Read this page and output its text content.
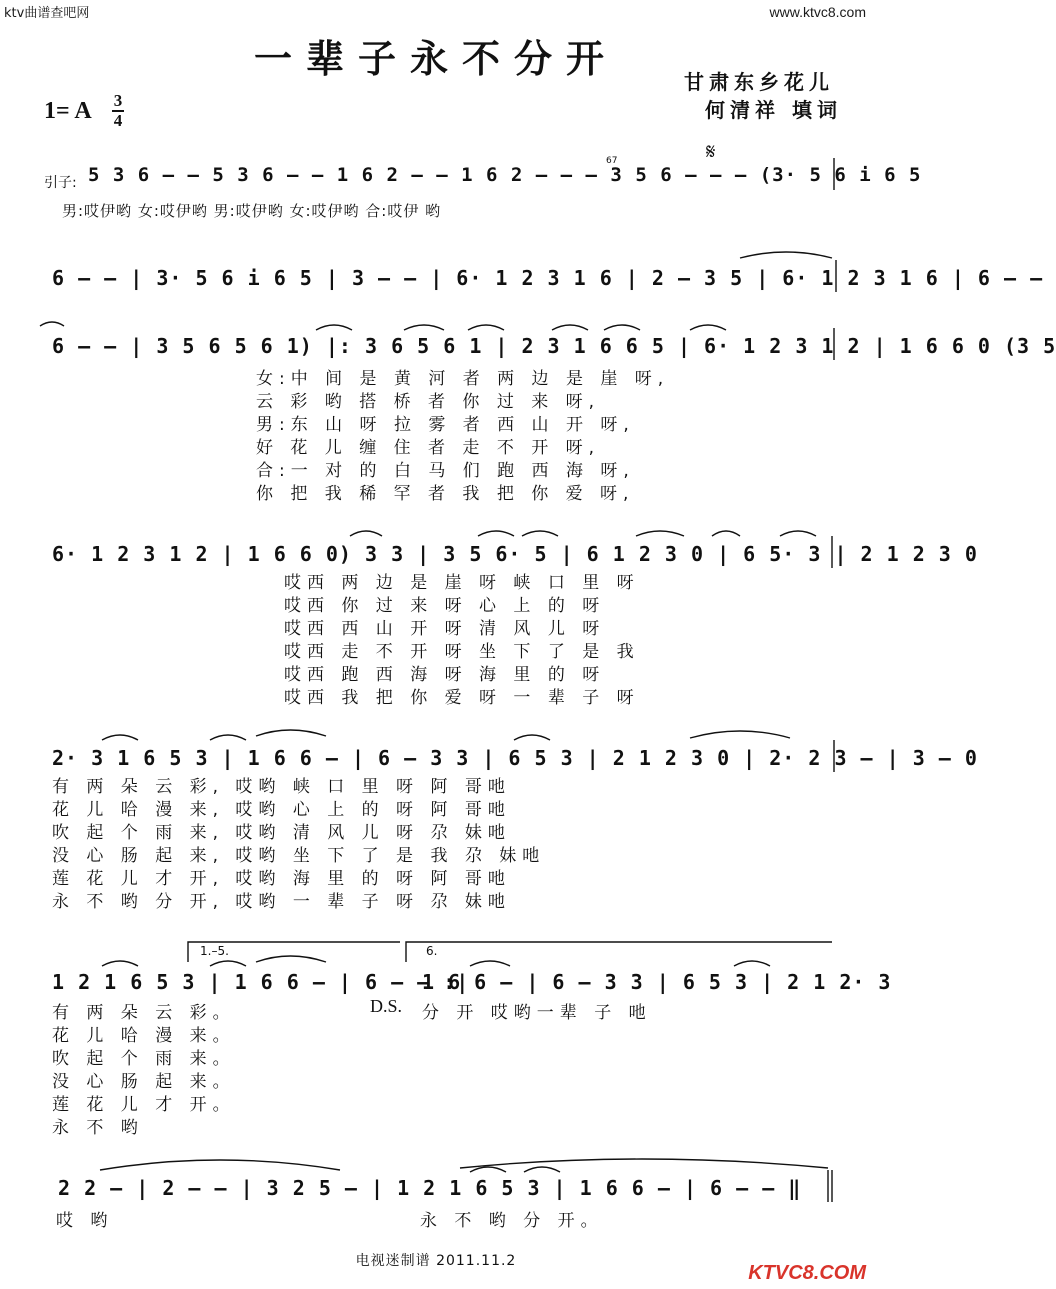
ktv曲谱查吧网	www.ktvc8.com
一辈子永不分开
甘肃东乡花儿
何清祥 填词
1= A 3
4
引子:
𝄋
67
5 3 6 – – 5 3 6 – – 1 6 2 – – 1 6 2 – – – 3 5 6 – – – (3· 5 6 i 6 5
男:哎伊哟 女:哎伊哟 男:哎伊哟 女:哎伊哟 合:哎伊 哟
6 – – | 3· 5 6 i 6 5 | 3 – – | 6· 1 2 3 1 6 | 2 – 3 5 | 6· 1 2 3 1 6 | 6 – –
6 – – | 3 5 6 5 6 1) |: 3 6 5 6 1 | 2 3 1 6 6 5 | 6· 1 2 3 1 2 | 1 6 6 0 (3 5
女:中 间 是 黄 河 者 两 边 是 崖 呀,
云 彩 哟 搭 桥 者 你 过 来 呀,
男:东 山 呀 拉 雾 者 西 山 开 呀,
好 花 儿 缠 住 者 走 不 开 呀,
合:一 对 的 白 马 们 跑 西 海 呀,
你 把 我 稀 罕 者 我 把 你 爱 呀,
6· 1 2 3 1 2 | 1 6 6 0) 3 3 | 3 5 6· 5 | 6 1 2 3 0 | 6 5· 3 | 2 1 2 3 0
哎西 两 边 是 崖 呀 峡 口 里 呀
哎西 你 过 来 呀 心 上 的 呀
哎西 西 山 开 呀 清 风 儿 呀
哎西 走 不 开 呀 坐 下 了 是 我
哎西 跑 西 海 呀 海 里 的 呀
哎西 我 把 你 爱 呀 一 辈 子 呀
2· 3 1 6 5 3 | 1 6 6 – | 6 – 3 3 | 6 5 3 | 2 1 2 3 0 | 2· 2 3 – | 3 – 0
有 两 朵 云 彩, 哎哟 峡 口 里 呀 阿 哥吔
花 儿 哈 漫 来, 哎哟 心 上 的 呀 阿 哥吔
吹 起 个 雨 来, 哎哟 清 风 儿 呀 尕 妹吔
没 心 肠 起 来, 哎哟 坐 下 了 是 我 尕 妹吔
莲 花 儿 才 开, 哎哟 海 里 的 呀 阿 哥吔
永 不 哟 分 开, 哎哟 一 辈 子 呀 尕 妹吔
1.–5.	6.
1 2 1 6 5 3 | 1 6 6 – | 6 – – :|
1 6 6 – | 6 – 3 3 | 6 5 3 | 2 1 2· 3
D.S.
有 两 朵 云 彩。
花 儿 哈 漫 来。
吹 起 个 雨 来。
没 心 肠 起 来。
莲 花 儿 才 开。
永 不 哟
分 开 哎哟一辈 子 吔
2 2 – | 2 – – | 3 2 5 – | 1 2 1 6 5 3 | 1 6 6 – | 6 – – ‖
哎 哟	永 不 哟 分 开。
电视迷制谱 2011.11.2
KTVC8.COM
